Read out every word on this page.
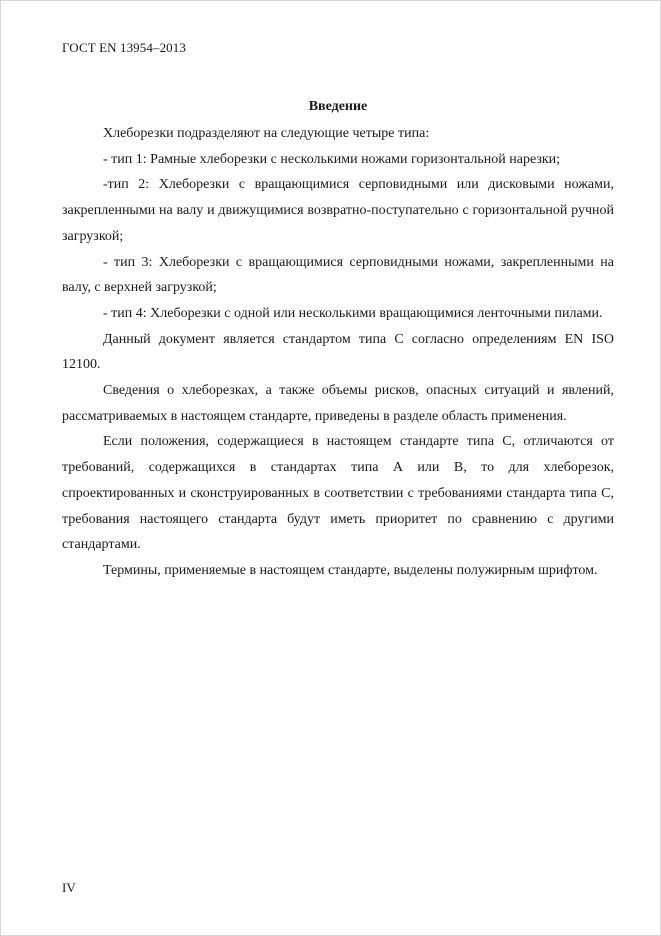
ГОСТ EN 13954–2013

Введение

Хлеборезки подразделяют на следующие четыре типа:

- тип 1: Рамные хлеборезки с несколькими ножами горизонтальной нарезки;

-тип 2: Хлеборезки с вращающимися серповидными или дисковыми ножами, закрепленными на валу и движущимися возвратно-поступательно с горизонтальной ручной загрузкой;

- тип 3: Хлеборезки с вращающимися серповидными ножами, закрепленными на валу, с верхней загрузкой;

- тип 4: Хлеборезки с одной или несколькими вращающимися ленточными пилами.

Данный документ является стандартом типа С согласно определениям EN ISO 12100.

Сведения о хлеборезках, а также объемы рисков, опасных ситуаций и явлений, рассматриваемых в настоящем стандарте, приведены в разделе область применения.

Если положения, содержащиеся в настоящем стандарте типа С, отличаются от требований, содержащихся в стандартах типа А или В, то для хлеборезок, спроектированных и сконструированных в соответствии с требованиями стандарта типа С, требования настоящего стандарта будут иметь приоритет по сравнению с другими стандартами.

Термины, применяемые в настоящем стандарте, выделены полужирным шрифтом.

IV
